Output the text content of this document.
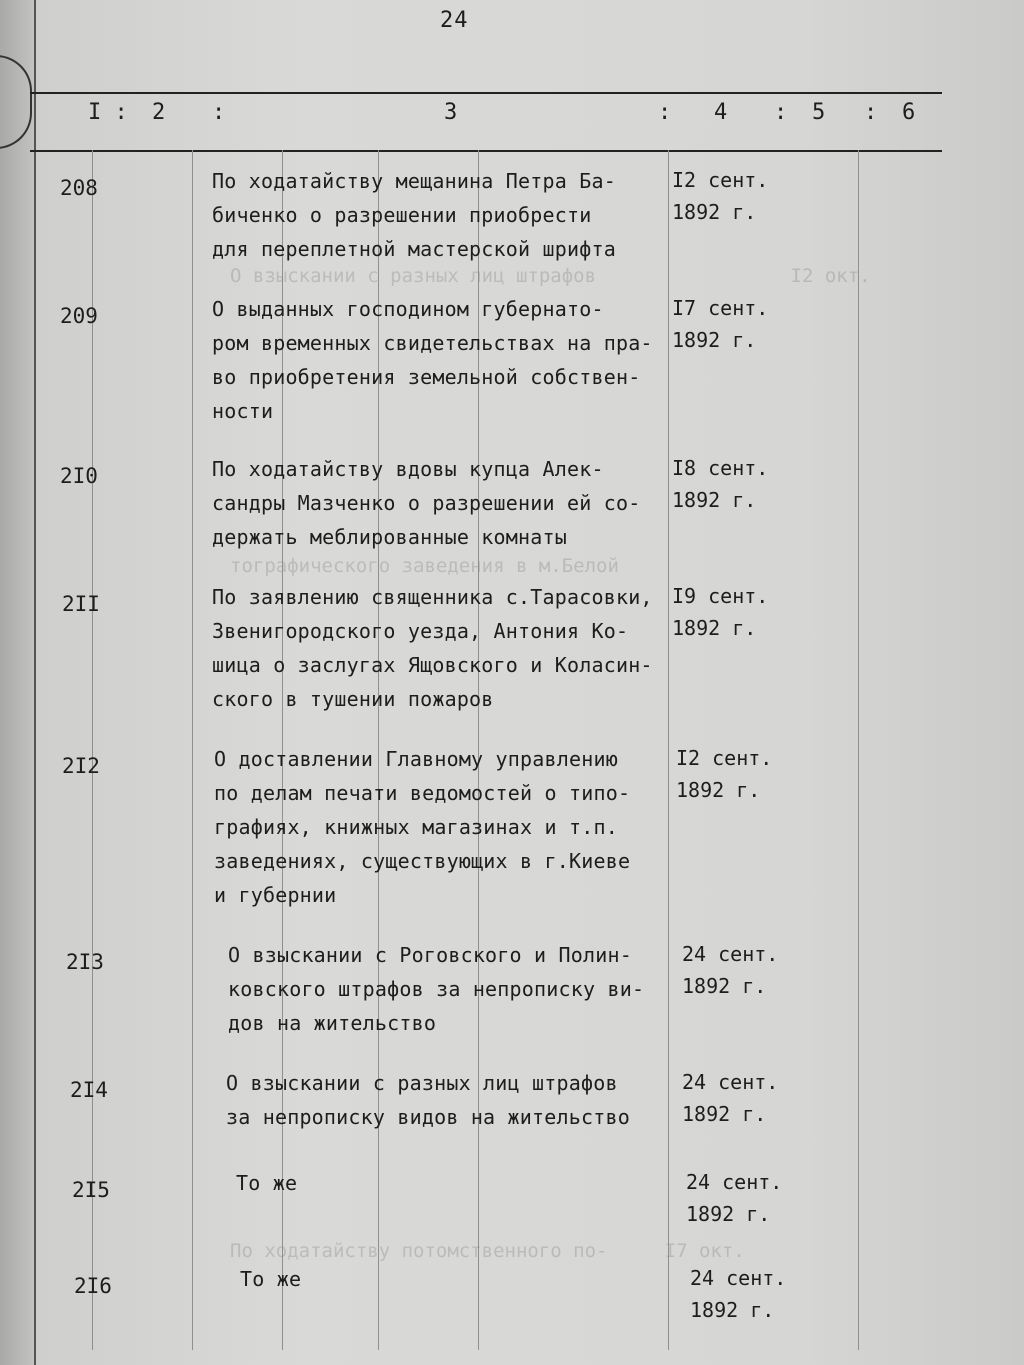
О взыскании с разных лиц штрафов                 I2 окт.
тографического заведения в м.Белой
По ходатайству потомственного по-     I7 окт.
24
I : 2 :	3	: 4 : 5 : 6
208	По ходатайству мещанина Петра Ба-
биченко о разрешении приобрести
для переплетной мастерской шрифта
I2 сент.
1892 г.
209	О выданных господином губернато-
ром временных свидетельствах на пра-
во приобретения земельной собствен-
ности
I7 сент.
1892 г.
2I0	По ходатайству вдовы купца Алек-
сандры Мазченко о разрешении ей со-
держать меблированные комнаты
I8 сент.
1892 г.
2II	По заявлению священника с.Тарасовки,
Звенигородского уезда, Антония Ко-
шица о заслугах Ящовского и Коласин-
ского в тушении пожаров
I9 сент.
1892 г.
2I2	О доставлении Главному управлению
по делам печати ведомостей о типо-
графиях, книжных магазинах и т.п.
заведениях, существующих в г.Киеве
и губернии
I2 сент.
1892 г.
2I3	О взыскании с Роговского и Полин-
ковского штрафов за непрописку ви-
дов на жительство
24 сент.
1892 г.
2I4	О взыскании с разных лиц штрафов
за непрописку видов на жительство
24 сент.
1892 г.
2I5	То же	24 сент.
1892 г.
2I6	То же	24 сент.
1892 г.
